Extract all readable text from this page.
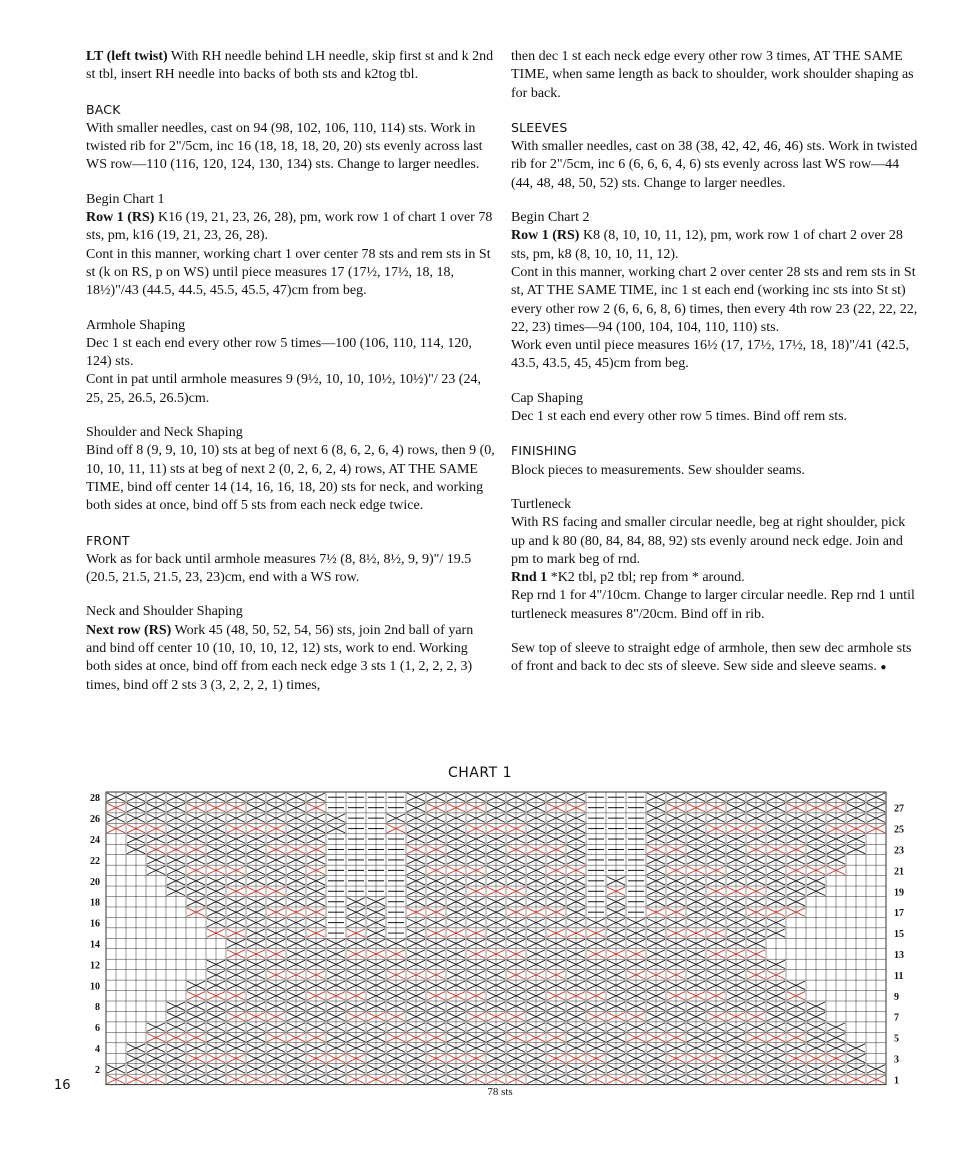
LT (left twist) With RH needle behind LH needle, skip first st and k 2nd st tbl, insert RH needle into backs of both sts and k2tog tbl.

BACK
With smaller needles, cast on 94 (98, 102, 106, 110, 114) sts. Work in twisted rib for 2"/5cm, inc 16 (18, 18, 18, 20, 20) sts evenly across last WS row—110 (116, 120, 124, 130, 134) sts. Change to larger needles.

Begin Chart 1
Row 1 (RS) K16 (19, 21, 23, 26, 28), pm, work row 1 of chart 1 over 78 sts, pm, k16 (19, 21, 23, 26, 28).
Cont in this manner, working chart 1 over center 78 sts and rem sts in St st (k on RS, p on WS) until piece measures 17 (17½, 17½, 18, 18, 18½)"/43 (44.5, 44.5, 45.5, 45.5, 47)cm from beg.

Armhole Shaping
Dec 1 st each end every other row 5 times—100 (106, 110, 114, 120, 124) sts.
Cont in pat until armhole measures 9 (9½, 10, 10, 10½, 10½)"/ 23 (24, 25, 25, 26.5, 26.5)cm.

Shoulder and Neck Shaping
Bind off 8 (9, 9, 10, 10) sts at beg of next 6 (8, 6, 2, 6, 4) rows, then 9 (0, 10, 10, 11, 11) sts at beg of next 2 (0, 2, 6, 2, 4) rows, AT THE SAME TIME, bind off center 14 (14, 16, 16, 18, 20) sts for neck, and working both sides at once, bind off 5 sts from each neck edge twice.

FRONT
Work as for back until armhole measures 7½ (8, 8½, 8½, 9, 9)"/ 19.5 (20.5, 21.5, 21.5, 23, 23)cm, end with a WS row.

Neck and Shoulder Shaping
Next row (RS) Work 45 (48, 50, 52, 54, 56) sts, join 2nd ball of yarn and bind off center 10 (10, 10, 10, 12, 12) sts, work to end. Working both sides at once, bind off from each neck edge 3 sts 1 (1, 2, 2, 2, 3) times, bind off 2 sts 3 (3, 2, 2, 2, 1) times,

then dec 1 st each neck edge every other row 3 times, AT THE SAME TIME, when same length as back to shoulder, work shoulder shaping as for back.

SLEEVES
With smaller needles, cast on 38 (38, 42, 42, 46, 46) sts. Work in twisted rib for 2"/5cm, inc 6 (6, 6, 6, 4, 6) sts evenly across last WS row—44 (44, 48, 48, 50, 52) sts. Change to larger needles.

Begin Chart 2
Row 1 (RS) K8 (8, 10, 10, 11, 12), pm, work row 1 of chart 2 over 28 sts, pm, k8 (8, 10, 10, 11, 12).
Cont in this manner, working chart 2 over center 28 sts and rem sts in St st, AT THE SAME TIME, inc 1 st each end (working inc sts into St st) every other row 2 (6, 6, 6, 8, 6) times, then every 4th row 23 (22, 22, 22, 22, 23) times—94 (100, 104, 104, 110, 110) sts.
Work even until piece measures 16½ (17, 17½, 17½, 18, 18)"/41 (42.5, 43.5, 43.5, 45, 45)cm from beg.

Cap Shaping
Dec 1 st each end every other row 5 times. Bind off rem sts.

FINISHING
Block pieces to measurements. Sew shoulder seams.

Turtleneck
With RS facing and smaller circular needle, beg at right shoulder, pick up and k 80 (80, 84, 84, 88, 92) sts evenly around neck edge. Join and pm to mark beg of rnd.
Rnd 1 *K2 tbl, p2 tbl; rep from * around.
Rep rnd 1 for 4"/10cm. Change to larger circular needle. Rep rnd 1 until turtleneck measures 8"/20cm. Bind off in rib.

Sew top of sleeve to straight edge of armhole, then sew dec armhole sts of front and back to dec sts of sleeve. Sew side and sleeve seams. ●

CHART 1
2
4
6
8
10
12
14
16
18
20
22
24
26
28
1
3
5
7
9
11
13
15
17
19
21
23
25
27
78 sts
16
